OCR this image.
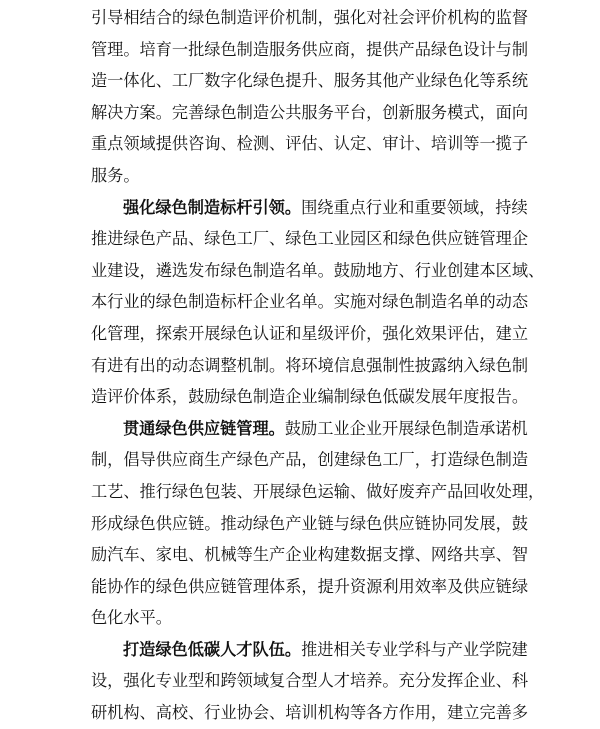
引导相结合的绿色制造评价机制，强化对社会评价机构的监督
管理。培育一批绿色制造服务供应商，提供产品绿色设计与制
造一体化、工厂数字化绿色提升、服务其他产业绿色化等系统
解决方案。完善绿色制造公共服务平台，创新服务模式，面向
重点领域提供咨询、检测、评估、认定、审计、培训等一揽子
服务。
强化绿色制造标杆引领。围绕重点行业和重要领域，持续
推进绿色产品、绿色工厂、绿色工业园区和绿色供应链管理企
业建设，遴选发布绿色制造名单。鼓励地方、行业创建本区域、
本行业的绿色制造标杆企业名单。实施对绿色制造名单的动态
化管理，探索开展绿色认证和星级评价，强化效果评估，建立
有进有出的动态调整机制。将环境信息强制性披露纳入绿色制
造评价体系，鼓励绿色制造企业编制绿色低碳发展年度报告。
贯通绿色供应链管理。鼓励工业企业开展绿色制造承诺机
制，倡导供应商生产绿色产品，创建绿色工厂，打造绿色制造
工艺、推行绿色包装、开展绿色运输、做好废弃产品回收处理，
形成绿色供应链。推动绿色产业链与绿色供应链协同发展，鼓
励汽车、家电、机械等生产企业构建数据支撑、网络共享、智
能协作的绿色供应链管理体系，提升资源利用效率及供应链绿
色化水平。
打造绿色低碳人才队伍。推进相关专业学科与产业学院建
设，强化专业型和跨领域复合型人才培养。充分发挥企业、科
研机构、高校、行业协会、培训机构等各方作用，建立完善多
